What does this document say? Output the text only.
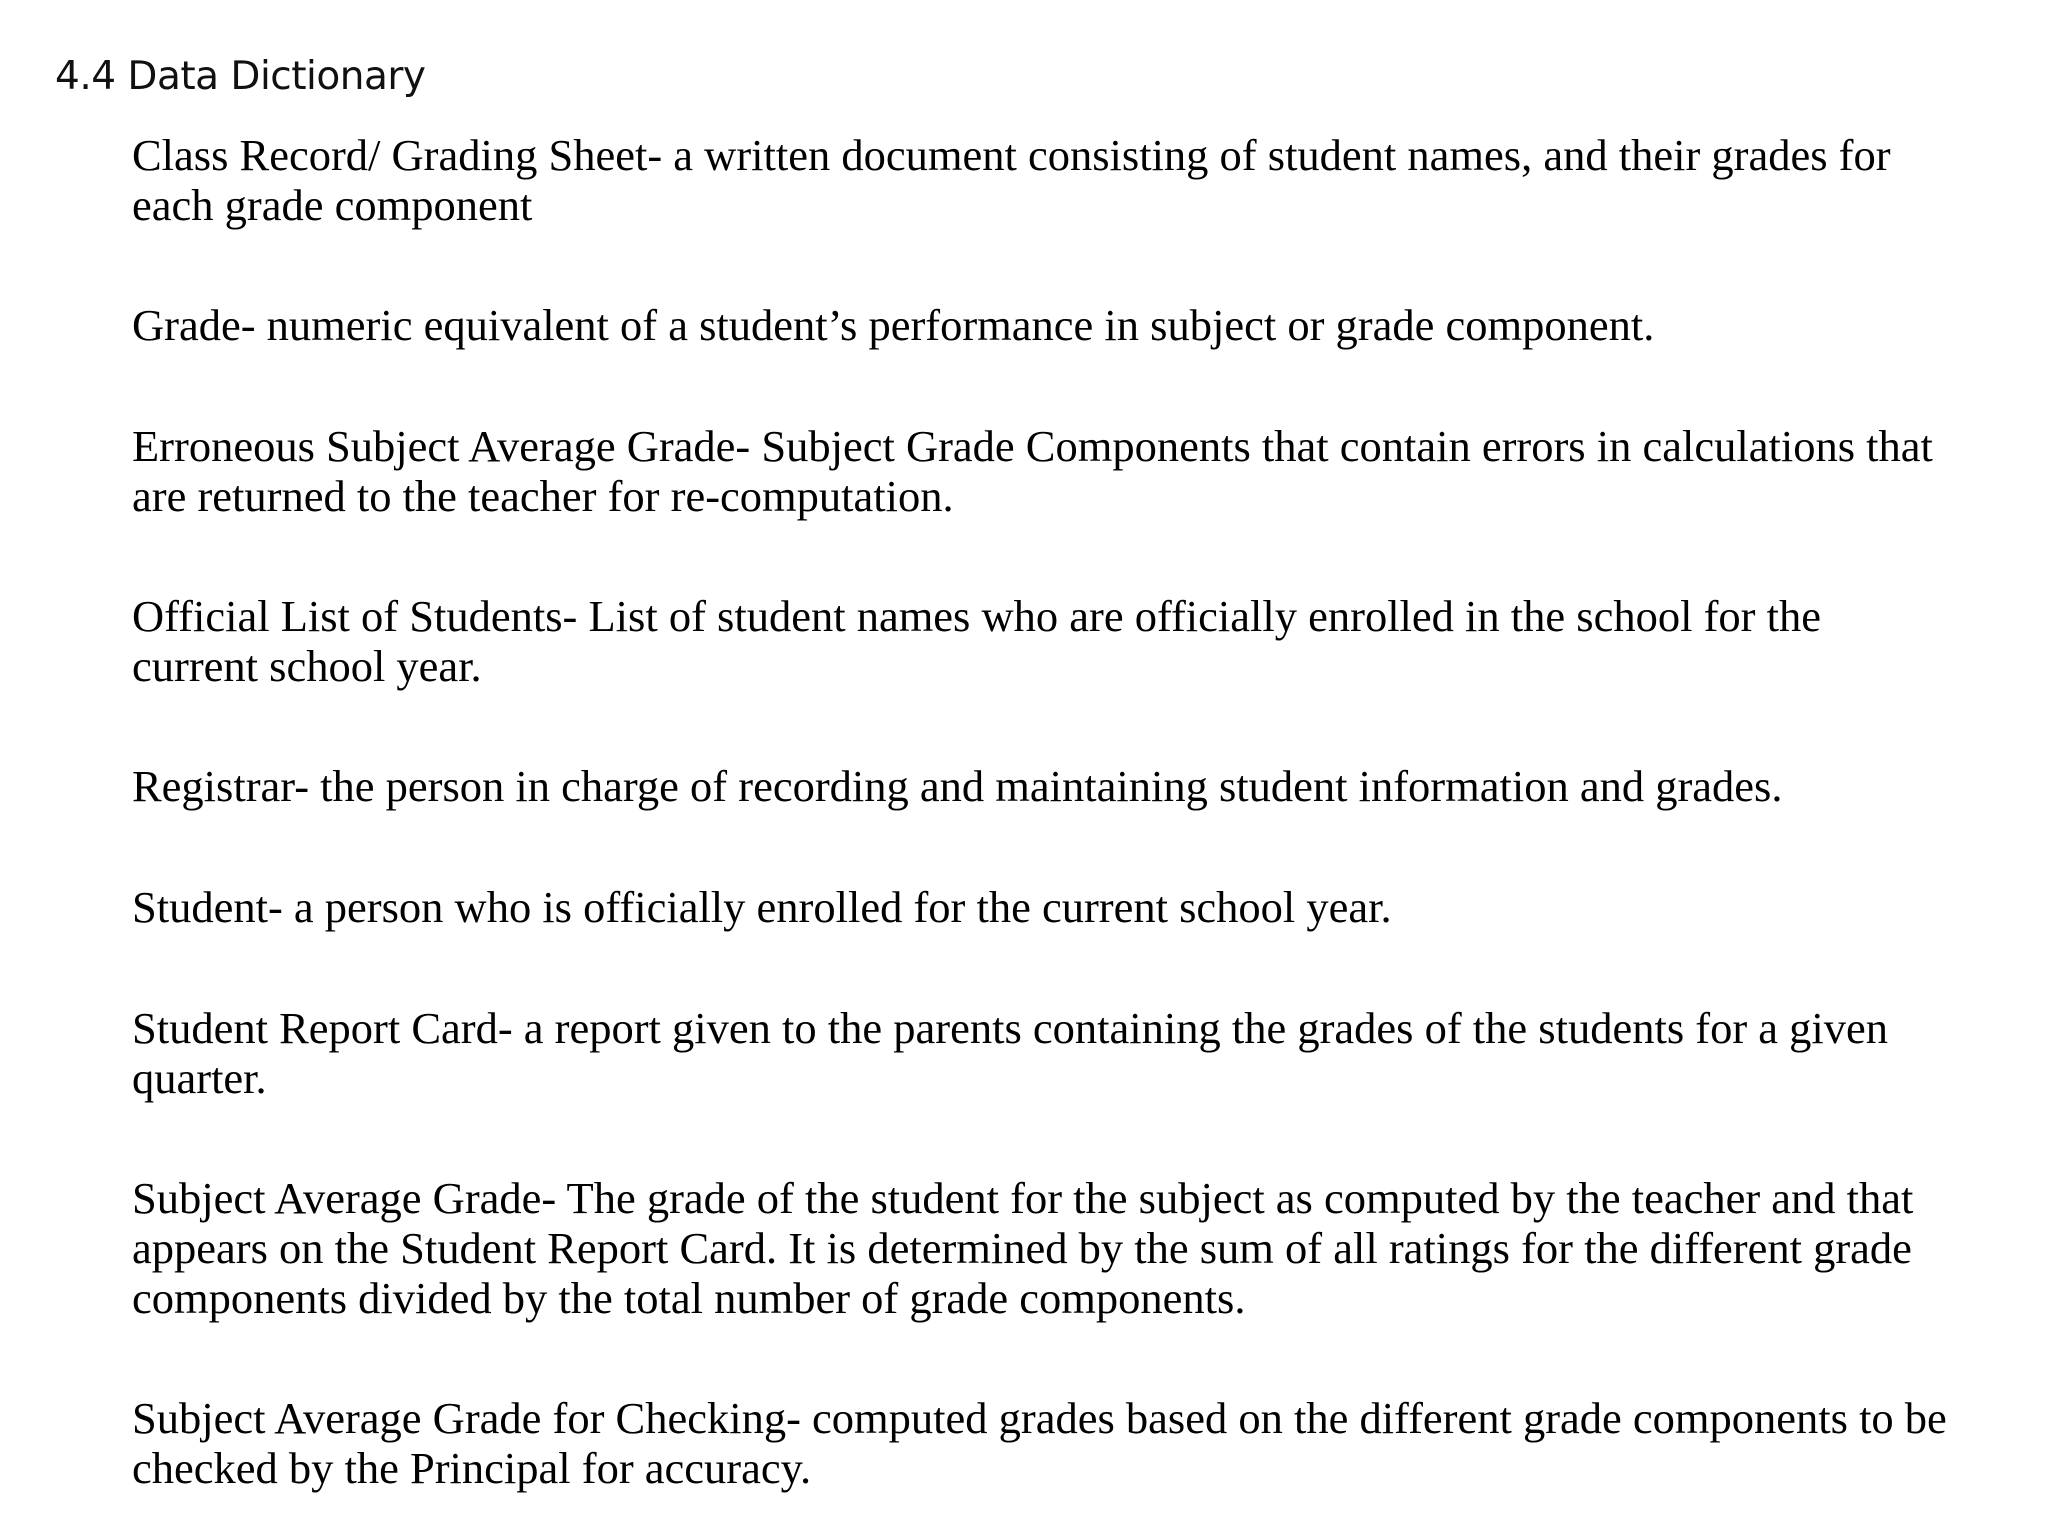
4.4 Data Dictionary

Class Record/ Grading Sheet- a written document consisting of student names, and their grades for
each grade component

Grade- numeric equivalent of a student’s performance in subject or grade component.

Erroneous Subject Average Grade- Subject Grade Components that contain errors in calculations that
are returned to the teacher for re-computation.

Official List of Students- List of student names who are officially enrolled in the school for the
current school year.

Registrar- the person in charge of recording and maintaining student information and grades.

Student- a person who is officially enrolled for the current school year.

Student Report Card- a report given to the parents containing the grades of the students for a given
quarter.

Subject Average Grade- The grade of the student for the subject as computed by the teacher and that
appears on the Student Report Card. It is determined by the sum of all ratings for the different grade
components divided by the total number of grade components.

Subject Average Grade for Checking- computed grades based on the different grade components to be
checked by the Principal for accuracy.
